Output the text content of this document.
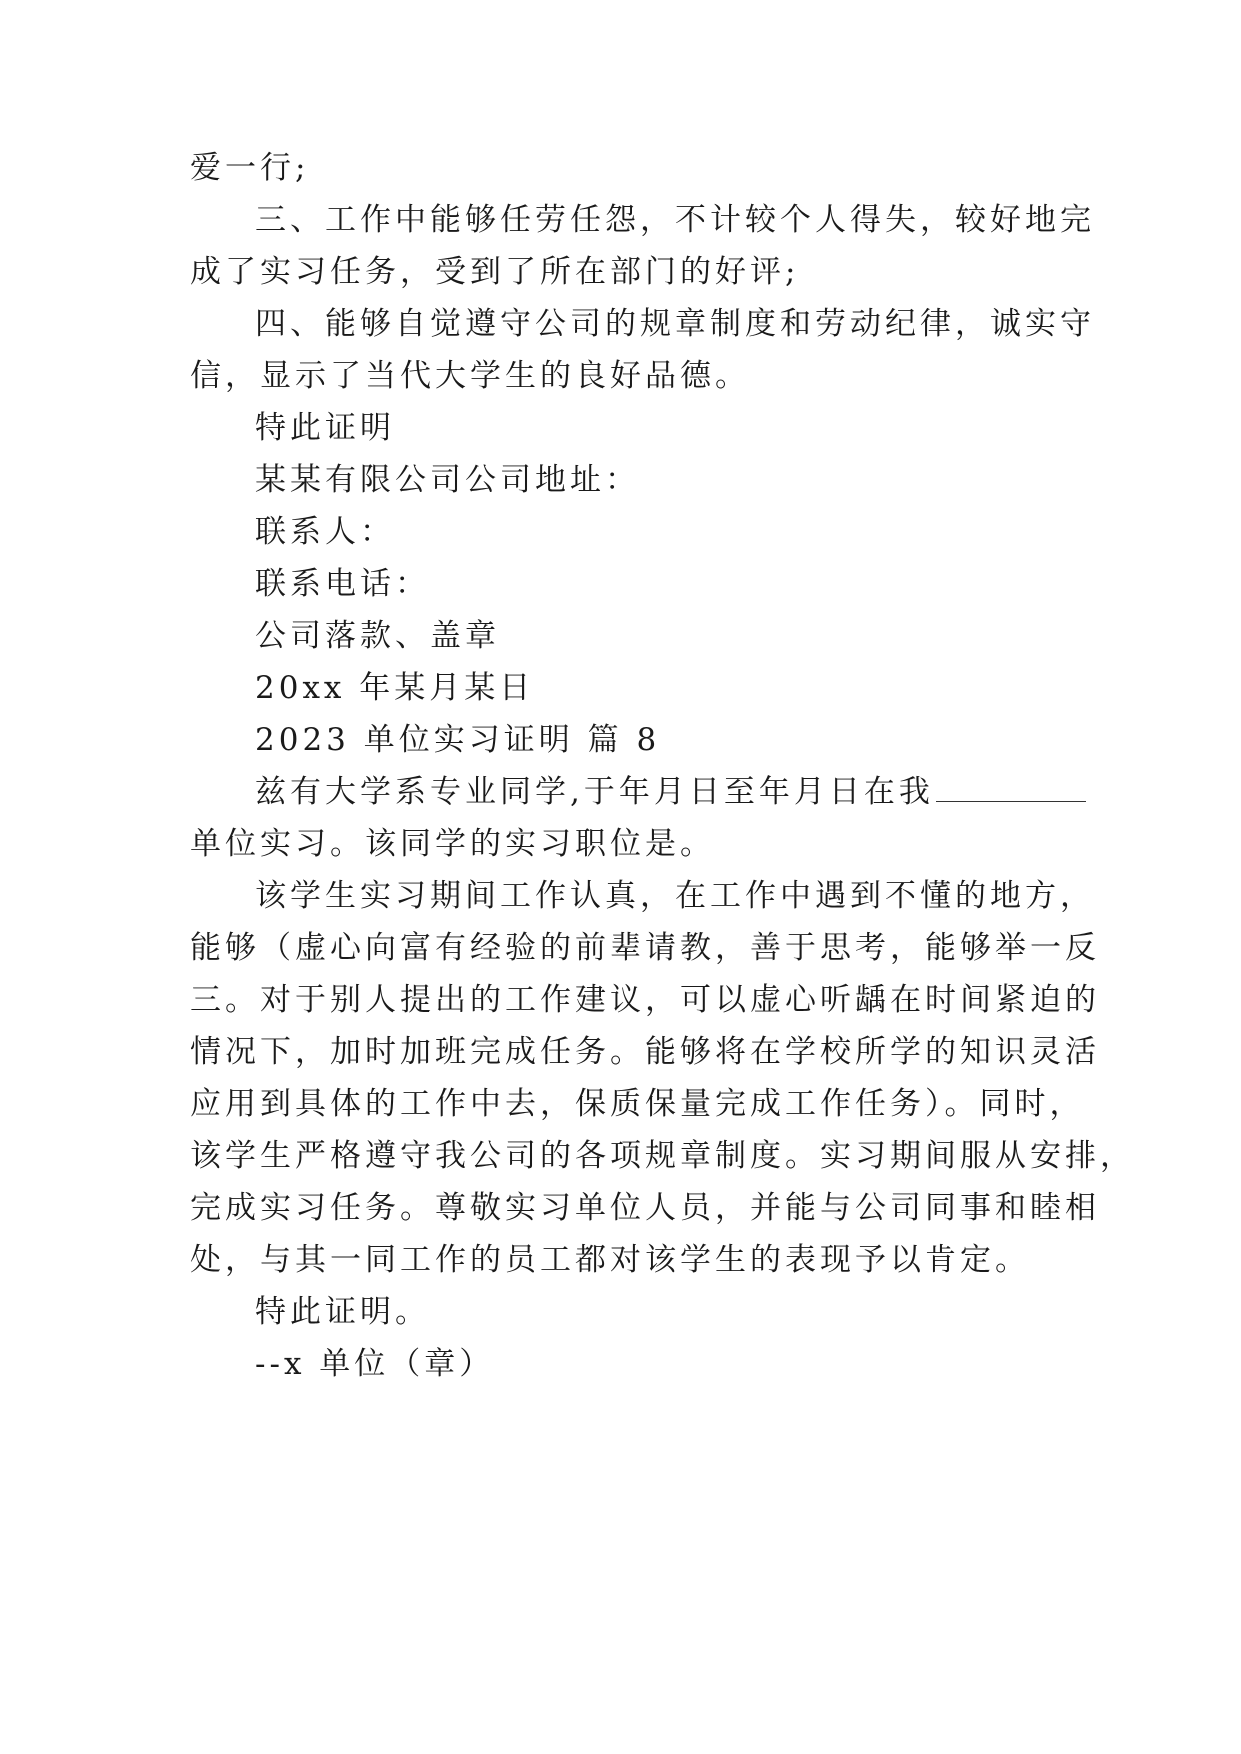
爱一行;
三、工作中能够任劳任怨，不计较个人得失，较好地完
成了实习任务，受到了所在部门的好评;
四、能够自觉遵守公司的规章制度和劳动纪律，诚实守
信，显示了当代大学生的良好品德。
特此证明
某某有限公司公司地址：
联系人：
联系电话：
公司落款、盖章
20xx 年某月某日
2023 单位实习证明 篇 8
兹有大学系专业同学,于年月日至年月日在我
单位实习。该同学的实习职位是。
该学生实习期间工作认真，在工作中遇到不懂的地方，
能够（虚心向富有经验的前辈请教，善于思考，能够举一反
三。对于别人提出的工作建议，可以虚心听龋在时间紧迫的
情况下，加时加班完成任务。能够将在学校所学的知识灵活
应用到具体的工作中去，保质保量完成工作任务）。同时，
该学生严格遵守我公司的各项规章制度。实习期间服从安排，
完成实习任务。尊敬实习单位人员，并能与公司同事和睦相
处，与其一同工作的员工都对该学生的表现予以肯定。
特此证明。
--x 单位（章）
